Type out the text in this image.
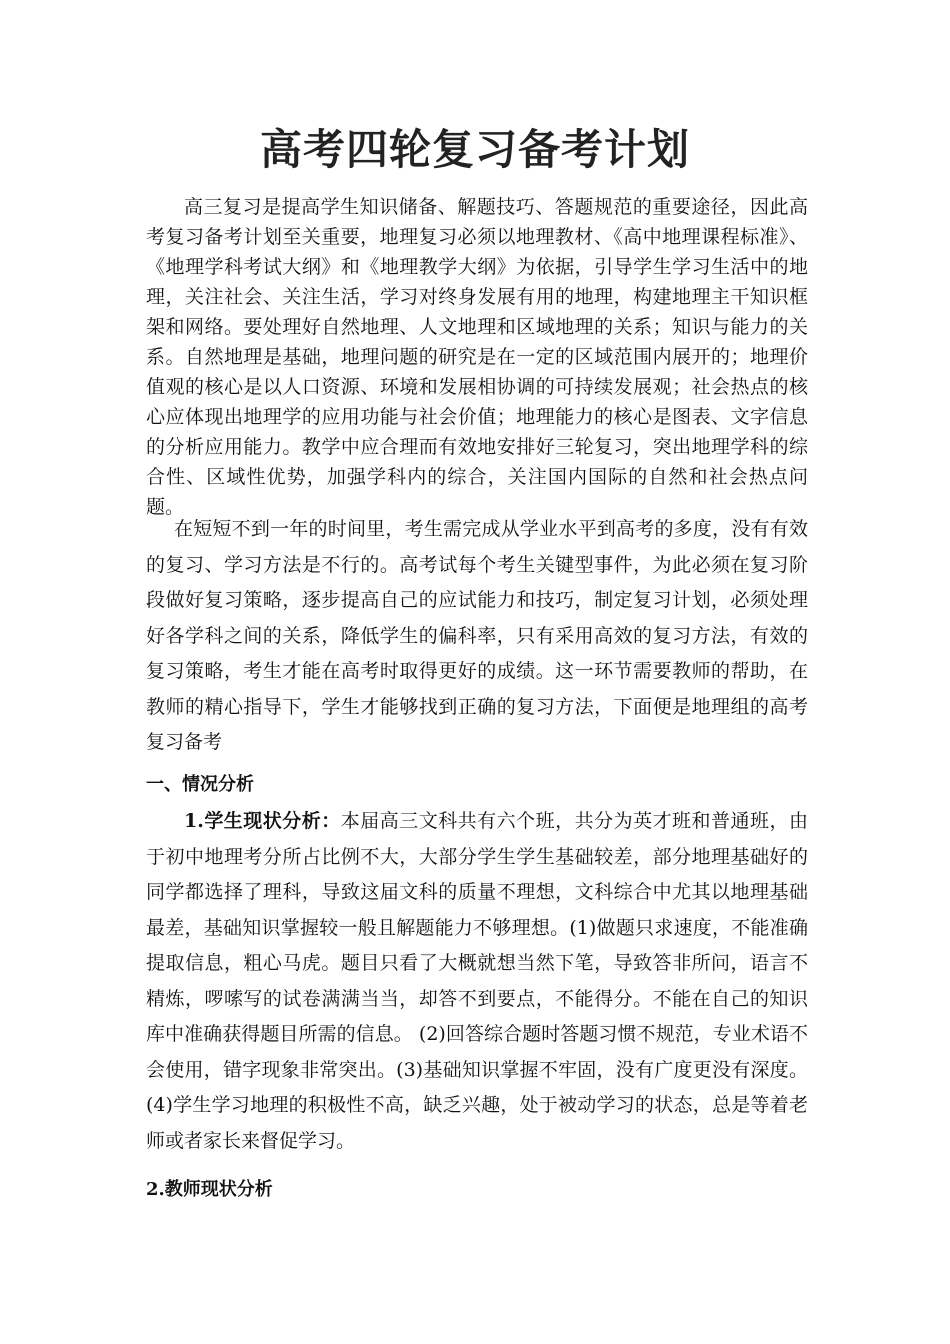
高考四轮复习备考计划

高三复习是提高学生知识储备、解题技巧、答题规范的重要途径，因此高考复习备考计划至关重要，地理复习必须以地理教材、《高中地理课程标准》、《地理学科考试大纲》和《地理教学大纲》为依据，引导学生学习生活中的地理，关注社会、关注生活，学习对终身发展有用的地理，构建地理主干知识框架和网络。要处理好自然地理、人文地理和区域地理的关系；知识与能力的关系。自然地理是基础，地理问题的研究是在一定的区域范围内展开的；地理价值观的核心是以人口资源、环境和发展相协调的可持续发展观；社会热点的核心应体现出地理学的应用功能与社会价值；地理能力的核心是图表、文字信息的分析应用能力。教学中应合理而有效地安排好三轮复习，突出地理学科的综合性、区域性优势，加强学科内的综合，关注国内国际的自然和社会热点问题。

在短短不到一年的时间里，考生需完成从学业水平到高考的多度，没有有效的复习、学习方法是不行的。高考试每个考生关键型事件，为此必须在复习阶段做好复习策略，逐步提高自己的应试能力和技巧，制定复习计划，必须处理好各学科之间的关系，降低学生的偏科率，只有采用高效的复习方法，有效的复习策略，考生才能在高考时取得更好的成绩。这一环节需要教师的帮助，在教师的精心指导下，学生才能够找到正确的复习方法，下面便是地理组的高考复习备考

一、情况分析

1.学生现状分析：本届高三文科共有六个班，共分为英才班和普通班，由于初中地理考分所占比例不大，大部分学生学生基础较差，部分地理基础好的同学都选择了理科，导致这届文科的质量不理想，文科综合中尤其以地理基础最差，基础知识掌握较一般且解题能力不够理想。(1)做题只求速度，不能准确提取信息，粗心马虎。题目只看了大概就想当然下笔，导致答非所问，语言不精炼，啰嗦写的试卷满满当当，却答不到要点，不能得分。不能在自己的知识库中准确获得题目所需的信息。 (2)回答综合题时答题习惯不规范，专业术语不会使用，错字现象非常突出。(3)基础知识掌握不牢固，没有广度更没有深度。(4)学生学习地理的积极性不高，缺乏兴趣，处于被动学习的状态，总是等着老师或者家长来督促学习。

2.教师现状分析
